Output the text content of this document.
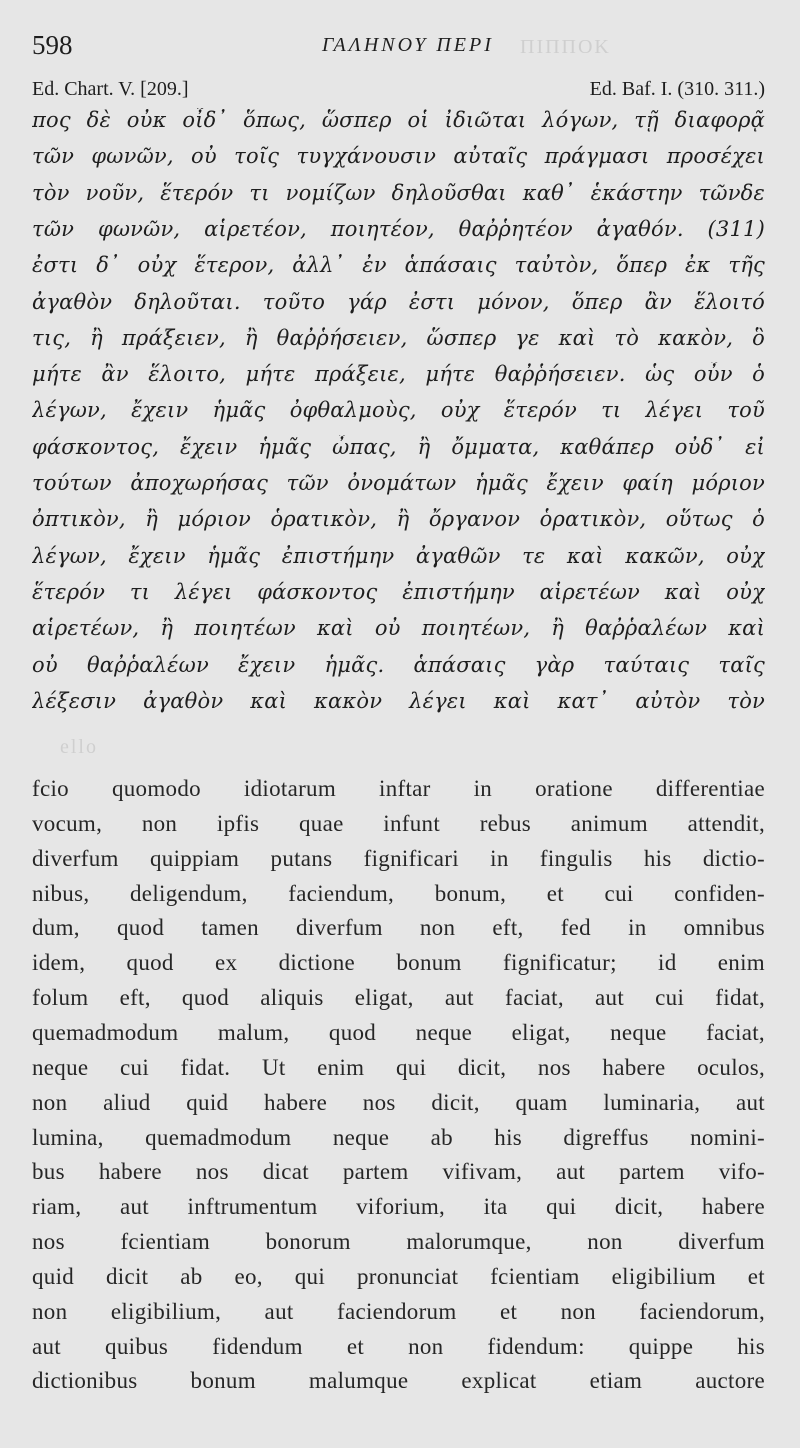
ΠΙΠΠΟΚ
ello
598	ΓΑΛΗΝΟΥ ΠΕΡΙ
Ed. Chart. V. [209.]	Ed. Baf. I. (310. 311.)
πος δὲ οὐκ οἶδ᾿ ὅπως, ὥσπερ οἱ ἰδιῶται λόγων, τῇ διαφορᾷ
τῶν φωνῶν, οὐ τοῖς τυγχάνουσιν αὐταῖς πράγμασι προσέχει
τὸν νοῦν, ἕτερόν τι νομίζων δηλοῦσθαι καθ᾿ ἑκάστην τῶνδε
τῶν φωνῶν, αἱρετέον, ποιητέον, θαῤῥητέον ἀγαθόν. (311)
ἐστι δ᾿ οὐχ ἕτερον, ἀλλ᾿ ἐν ἁπάσαις ταὐτὸν, ὅπερ ἐκ τῆς
ἀγαθὸν δηλοῦται. τοῦτο γάρ ἐστι μόνον, ὅπερ ἂν ἕλοιτό
τις, ἢ πράξειεν, ἢ θαῤῥήσειεν, ὥσπερ γε καὶ τὸ κακὸν, ὃ
μήτε ἂν ἕλοιτο, μήτε πράξειε, μήτε θαῤῥήσειεν. ὡς οὖν ὁ
λέγων, ἔχειν ἡμᾶς ὀφθαλμοὺς, οὐχ ἕτερόν τι λέγει τοῦ
φάσκοντος, ἔχειν ἡμᾶς ὦπας, ἢ ὄμματα, καθάπερ οὐδ᾿ εἰ
τούτων ἀποχωρήσας τῶν ὀνομάτων ἡμᾶς ἔχειν φαίη μόριον
ὀπτικὸν, ἢ μόριον ὁρατικὸν, ἢ ὄργανον ὁρατικὸν, οὕτως ὁ
λέγων, ἔχειν ἡμᾶς ἐπιστήμην ἀγαθῶν τε καὶ κακῶν, οὐχ
ἕτερόν τι λέγει φάσκοντος ἐπιστήμην αἱρετέων καὶ οὐχ
αἱρετέων, ἢ ποιητέων καὶ οὐ ποιητέων, ἢ θαῤῥαλέων καὶ
οὐ θαῤῥαλέων ἔχειν ἡμᾶς. ἁπάσαις γὰρ ταύταις ταῖς
λέξεσιν ἀγαθὸν καὶ κακὸν λέγει καὶ κατ᾿ αὐτὸν τὸν
fcio quomodo idiotarum inftar in oratione differentiae
vocum, non ipfis quae infunt rebus animum attendit,
diverfum quippiam putans fignificari in fingulis his dictio-
nibus, deligendum, faciendum, bonum, et cui confiden-
dum, quod tamen diverfum non eft, fed in omnibus
idem, quod ex dictione bonum fignificatur; id enim
folum eft, quod aliquis eligat, aut faciat, aut cui fidat,
quemadmodum malum, quod neque eligat, neque faciat,
neque cui fidat. Ut enim qui dicit, nos habere oculos,
non aliud quid habere nos dicit, quam luminaria, aut
lumina, quemadmodum neque ab his digreffus nomini-
bus habere nos dicat partem vifivam, aut partem vifo-
riam, aut inftrumentum viforium, ita qui dicit, habere
nos fcientiam bonorum malorumque, non diverfum
quid dicit ab eo, qui pronunciat fcientiam eligibilium et
non eligibilium, aut faciendorum et non faciendorum,
aut quibus fidendum et non fidendum: quippe his
dictionibus bonum malumque explicat etiam auctore
